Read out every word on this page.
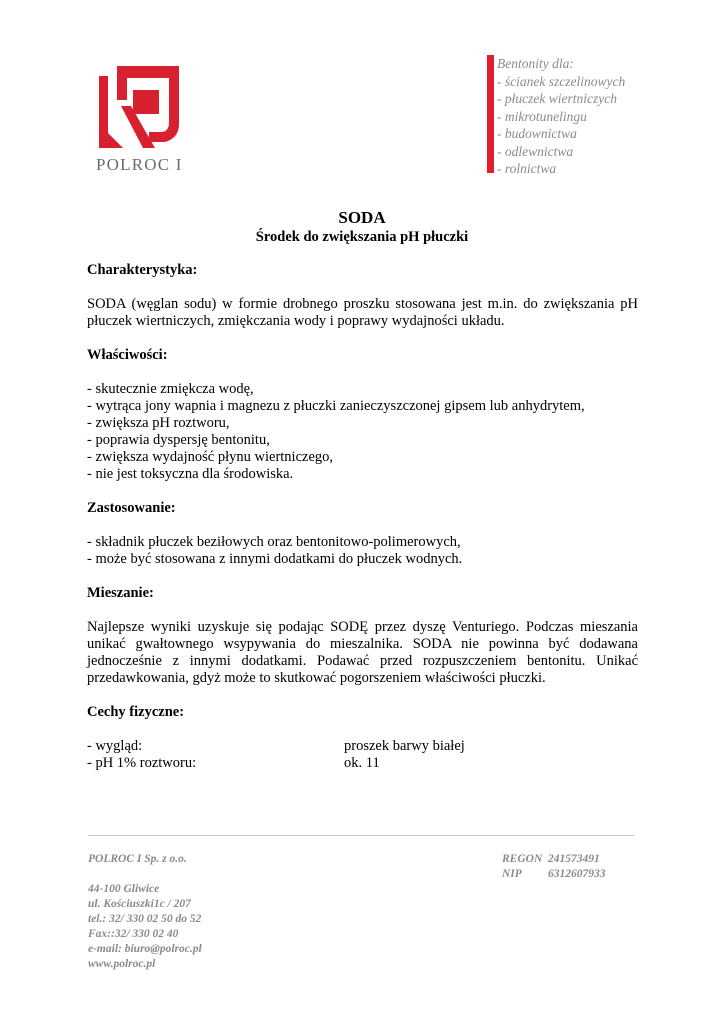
POLROC I
Bentonity dla:
- ścianek szczelinowych
- płuczek wiertniczych
- mikrotunelingu
- budownictwa
- odlewnictwa
- rolnictwa
SODA
Środek do zwiększania pH płuczki
Charakterystyka:
SODA (węglan sodu) w formie drobnego proszku stosowana jest m.in. do zwiększania pH płuczek wiertniczych, zmiękczania wody i poprawy wydajności układu.
Właściwości:
- skutecznie zmiękcza wodę,
- wytrąca jony wapnia i magnezu z płuczki zanieczyszczonej gipsem lub anhydrytem,
- zwiększa pH roztworu,
- poprawia dyspersję bentonitu,
- zwiększa wydajność płynu wiertniczego,
- nie jest toksyczna dla środowiska.
Zastosowanie:
- składnik płuczek beziłowych oraz bentonitowo-polimerowych,
- może być stosowana z innymi dodatkami do płuczek wodnych.
Mieszanie:
Najlepsze wyniki uzyskuje się podając SODĘ przez dyszę Venturiego. Podczas mieszania unikać gwałtownego wsypywania do mieszalnika. SODA nie powinna być dodawana jednocześnie z innymi dodatkami. Podawać przed rozpuszczeniem bentonitu. Unikać przedawkowania, gdyż może to skutkować pogorszeniem właściwości płuczki.
Cechy fizyczne:
- wygląd:	proszek barwy białej
- pH 1% roztworu:	ok. 11
POLROC I Sp. z o.o.
44-100 Gliwice
ul. Kościuszki1c / 207
tel.: 32/ 330 02 50 do 52
Fax::32/ 330 02 40
e-mail: biuro@polroc.pl
www.polroc.pl
REGON 241573491
NIP	6312607933
